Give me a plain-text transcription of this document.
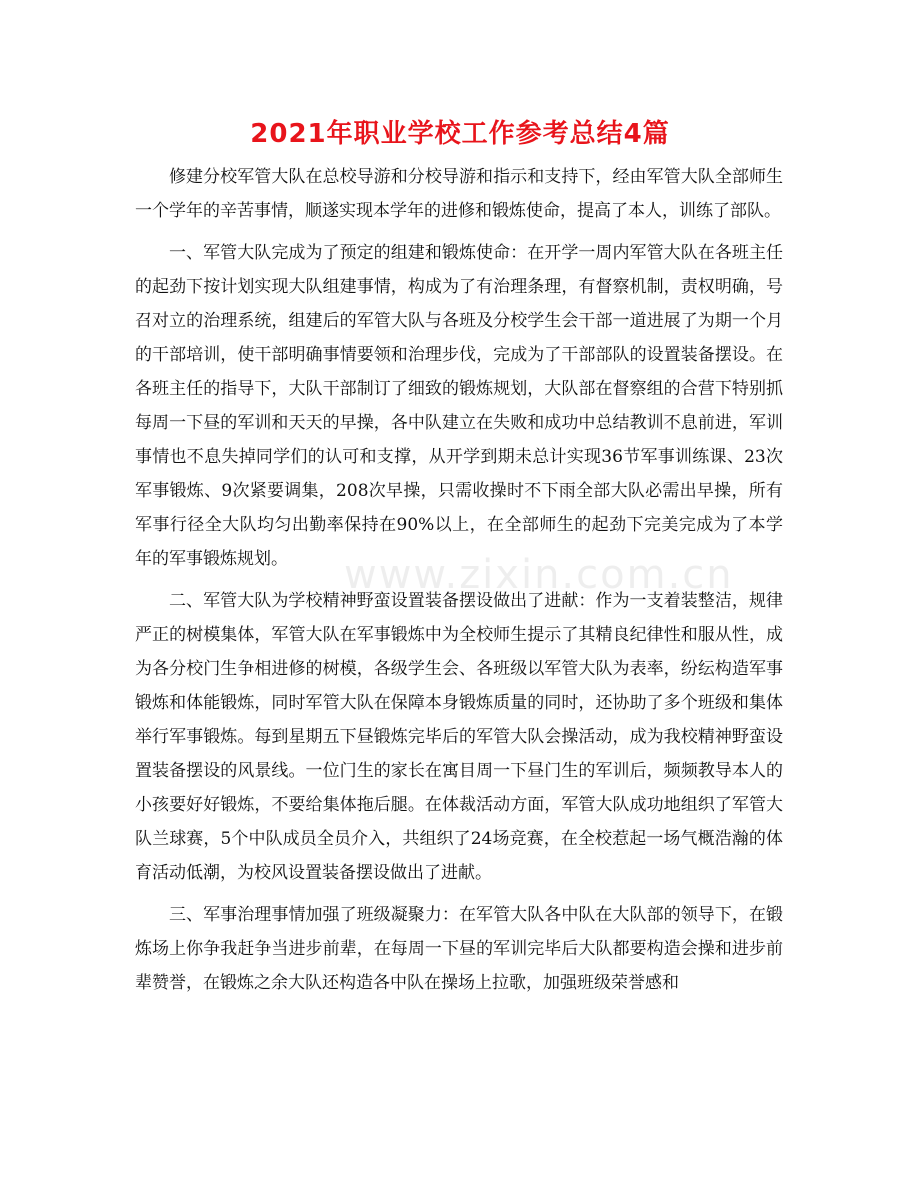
2021年职业学校工作参考总结4篇

修建分校军管大队在总校导游和分校导游和指示和支持下，经由军管大队全部师生一个学年的辛苦事情，顺遂实现本学年的进修和锻炼使命，提高了本人，训练了部队。

一、军管大队完成为了预定的组建和锻炼使命：在开学一周内军管大队在各班主任的起劲下按计划实现大队组建事情，构成为了有治理条理，有督察机制，责权明确，号召对立的治理系统，组建后的军管大队与各班及分校学生会干部一道进展了为期一个月的干部培训，使干部明确事情要领和治理步伐，完成为了干部部队的设置装备摆设。在各班主任的指导下，大队干部制订了细致的锻炼规划，大队部在督察组的合营下特别抓每周一下昼的军训和天天的早操，各中队建立在失败和成功中总结教训不息前进，军训事情也不息失掉同学们的认可和支撑，从开学到期未总计实现36节军事训练课、23次军事锻炼、9次紧要调集，208次早操，只需收操时不下雨全部大队必需出早操，所有军事行径全大队均匀出勤率保持在90%以上，在全部师生的起劲下完美完成为了本学年的军事锻炼规划。

二、军管大队为学校精神野蛮设置装备摆设做出了进献：作为一支着装整洁，规律严正的树模集体，军管大队在军事锻炼中为全校师生提示了其精良纪律性和服从性，成为各分校门生争相进修的树模，各级学生会、各班级以军管大队为表率，纷纭构造军事锻炼和体能锻炼，同时军管大队在保障本身锻炼质量的同时，还协助了多个班级和集体举行军事锻炼。每到星期五下昼锻炼完毕后的军管大队会操活动，成为我校精神野蛮设置装备摆设的风景线。一位门生的家长在寓目周一下昼门生的军训后，频频教导本人的小孩要好好锻炼，不要给集体拖后腿。在体裁活动方面，军管大队成功地组织了军管大队兰球赛，5个中队成员全员介入，共组织了24场竞赛，在全校惹起一场气概浩瀚的体育活动低潮，为校风设置装备摆设做出了进献。

三、军事治理事情加强了班级凝聚力：在军管大队各中队在大队部的领导下，在锻炼场上你争我赶争当进步前辈，在每周一下昼的军训完毕后大队都要构造会操和进步前辈赞誉，在锻炼之余大队还构造各中队在操场上拉歌，加强班级荣誉感和

www.zixin.com.cn
